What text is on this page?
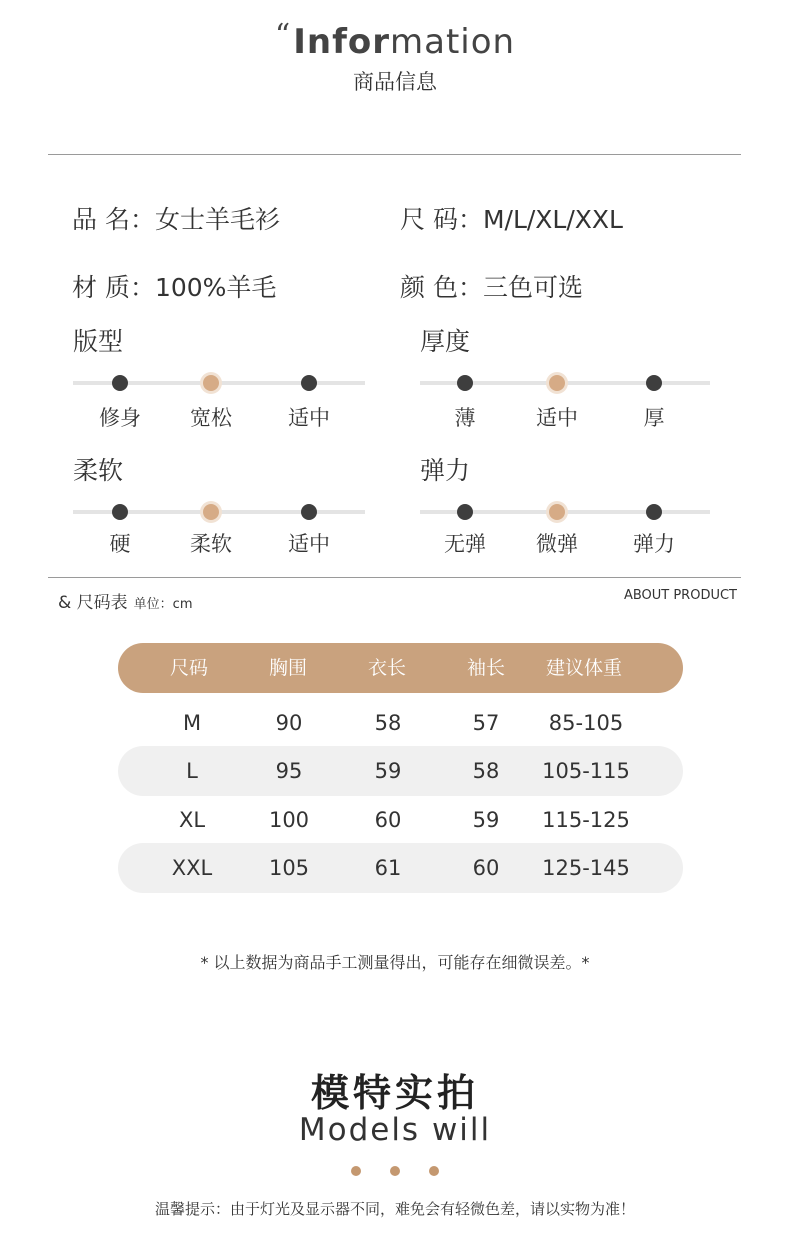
“Information
商品信息
品 名：女士羊毛衫	尺 码：M/L/XL/XXL
材 质：100%羊毛	颜 色：三色可选
版型
修身	宽松	适中
厚度
薄	适中	厚
柔软
硬	柔软	适中
弹力
无弹	微弹	弹力
& 尺码表 单位：cm
ABOUT PRODUCT
尺码	胸围	衣长	袖长	建议体重
M	90	58	57	85-105
L	95	59	58	105-115
XL	100	60	59	115-125
XXL	105	61	60	125-145
* 以上数据为商品手工测量得出，可能存在细微误差。*
模特实拍
Models will
温馨提示：由于灯光及显示器不同，难免会有轻微色差，请以实物为准！
